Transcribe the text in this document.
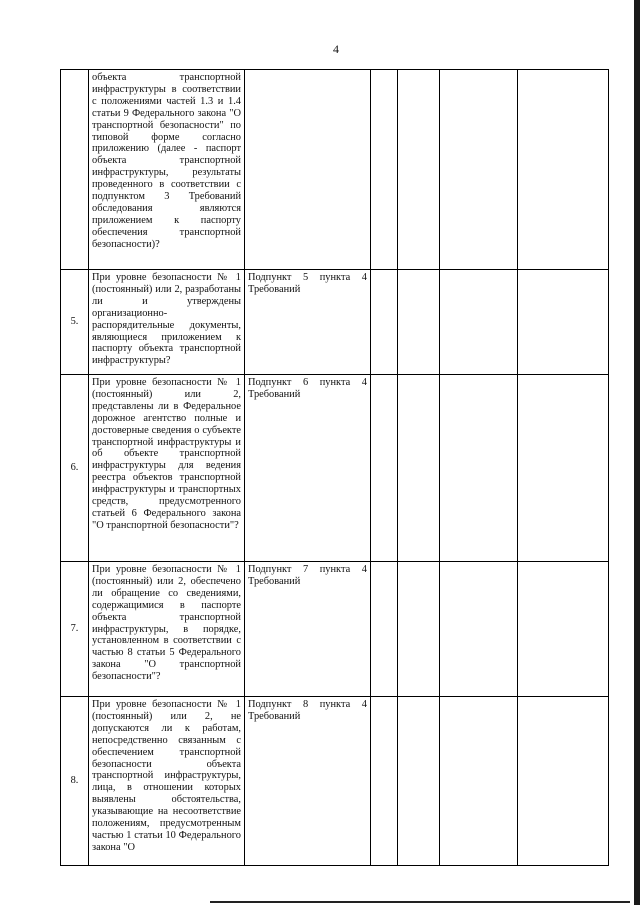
4
	объекта транспортной инфраструктуры в соответствии с положениями частей 1.3 и 1.4 статьи 9 Федерального закона "О транспортной безопасности" по типовой форме согласно приложению (далее - паспорт объекта транспортной инфраструктуры, результаты проведенного в соответствии с подпунктом 3 Требований обследования являются приложением к паспорту обеспечения транспортной безопасности)?					
5.	При уровне безопасности № 1 (постоянный) или 2, разработаны ли и утверждены организационно-распорядительные документы, являющиеся приложением к паспорту объекта транспортной инфраструктуры?	Подпункт 5 пункта 4 Требований				
6.	При уровне безопасности № 1 (постоянный) или 2, представлены ли в Федеральное дорожное агентство полные и достоверные сведения о субъекте транспортной инфраструктуры и об объекте транспортной инфраструктуры для ведения реестра объектов транспортной инфраструктуры и транспортных средств, предусмотренного статьей 6 Федерального закона "О транспортной безопасности"?	Подпункт 6 пункта 4 Требований				
7.	При уровне безопасности № 1 (постоянный) или 2, обеспечено ли обращение со сведениями, содержащимися в паспорте объекта транспортной инфраструктуры, в порядке, установленном в соответствии с частью 8 статьи 5 Федерального закона "О транспортной безопасности"?	Подпункт 7 пункта 4 Требований				
8.	При уровне безопасности № 1 (постоянный) или 2, не допускаются ли к работам, непосредственно связанным с обеспечением транспортной безопасности объекта транспортной инфраструктуры, лица, в отношении которых выявлены обстоятельства, указывающие на несоответствие положениям, предусмотренным частью 1 статьи 10 Федерального закона "О	Подпункт 8 пункта 4 Требований				
